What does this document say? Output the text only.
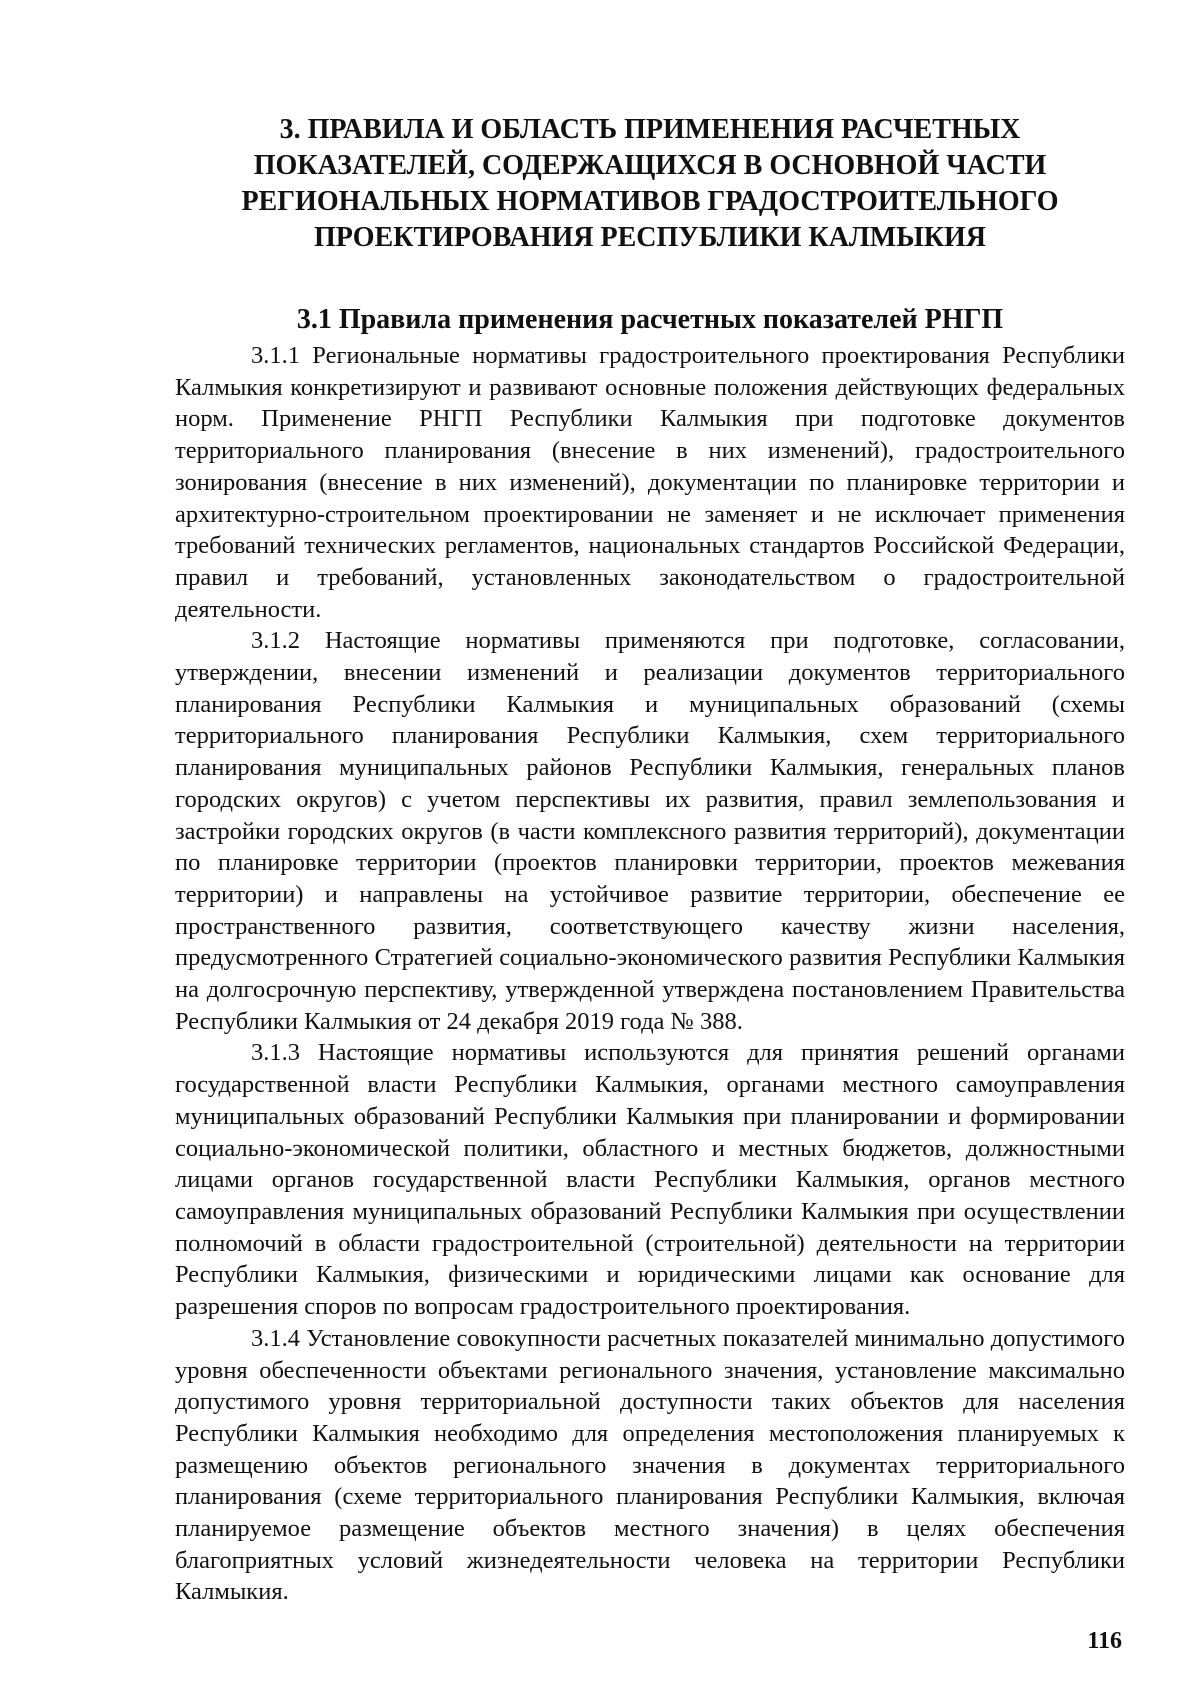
3. ПРАВИЛА И ОБЛАСТЬ ПРИМЕНЕНИЯ РАСЧЕТНЫХ ПОКАЗАТЕЛЕЙ, СОДЕРЖАЩИХСЯ В ОСНОВНОЙ ЧАСТИ РЕГИОНАЛЬНЫХ НОРМАТИВОВ ГРАДОСТРОИТЕЛЬНОГО ПРОЕКТИРОВАНИЯ РЕСПУБЛИКИ КАЛМЫКИЯ
3.1 Правила применения расчетных показателей РНГП

3.1.1 Региональные нормативы градостроительного проектирования Республики Калмыкия конкретизируют и развивают основные положения действующих федеральных норм. Применение РНГП Республики Калмыкия при подготовке документов территориального планирования (внесение в них изменений), градостроительного зонирования (внесение в них изменений), документации по планировке территории и архитектурно-строительном проектировании не заменяет и не исключает применения требований технических регламентов, национальных стандартов Российской Федерации, правил и требований, установленных законодательством о градостроительной деятельности.

3.1.2 Настоящие нормативы применяются при подготовке, согласовании, утверждении, внесении изменений и реализации документов территориального планирования Республики Калмыкия и муниципальных образований (схемы территориального планирования Республики Калмыкия, схем территориального планирования муниципальных районов Республики Калмыкия, генеральных планов городских округов) с учетом перспективы их развития, правил землепользования и застройки городских округов (в части комплексного развития территорий), документации по планировке территории (проектов планировки территории, проектов межевания территории) и направлены на устойчивое развитие территории, обеспечение ее пространственного развития, соответствующего качеству жизни населения, предусмотренного Стратегией социально-экономического развития Республики Калмыкия на долгосрочную перспективу, утвержденной утверждена постановлением Правительства Республики Калмыкия от 24 декабря 2019 года № 388.

3.1.3 Настоящие нормативы используются для принятия решений органами государственной власти Республики Калмыкия, органами местного самоуправления муниципальных образований Республики Калмыкия при планировании и формировании социально-экономической политики, областного и местных бюджетов, должностными лицами органов государственной власти Республики Калмыкия, органов местного самоуправления муниципальных образований Республики Калмыкия при осуществлении полномочий в области градостроительной (строительной) деятельности на территории Республики Калмыкия, физическими и юридическими лицами как основание для разрешения споров по вопросам градостроительного проектирования.

3.1.4 Установление совокупности расчетных показателей минимально допустимого уровня обеспеченности объектами регионального значения, установление максимально допустимого уровня территориальной доступности таких объектов для населения Республики Калмыкия необходимо для определения местоположения планируемых к размещению объектов регионального значения в документах территориального планирования (схеме территориального планирования Республики Калмыкия, включая планируемое размещение объектов местного значения) в целях обеспечения благоприятных условий жизнедеятельности человека на территории Республики Калмыкия.

116
